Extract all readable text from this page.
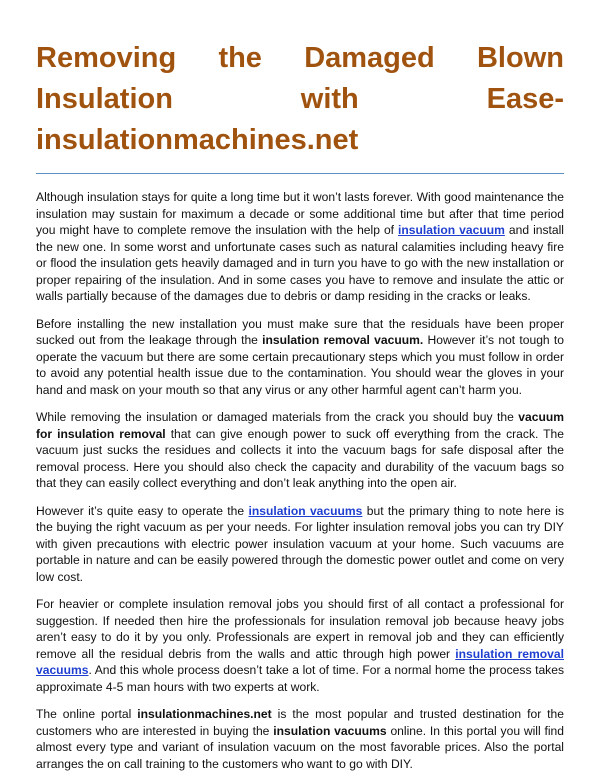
Removing the Damaged Blown
Insulation	with	Ease-
insulationmachines.net

Although insulation stays for quite a long time but it won’t lasts forever. With good maintenance the insulation may sustain for maximum a decade or some additional time but after that time period you might have to complete remove the insulation with the help of insulation vacuum and install the new one. In some worst and unfortunate cases such as natural calamities including heavy fire or flood the insulation gets heavily damaged and in turn you have to go with the new installation or proper repairing of the insulation. And in some cases you have to remove and insulate the attic or walls partially because of the damages due to debris or damp residing in the cracks or leaks.

Before installing the new installation you must make sure that the residuals have been proper sucked out from the leakage through the insulation removal vacuum. However it’s not tough to operate the vacuum but there are some certain precautionary steps which you must follow in order to avoid any potential health issue due to the contamination. You should wear the gloves in your hand and mask on your mouth so that any virus or any other harmful agent can’t harm you.

While removing the insulation or damaged materials from the crack you should buy the vacuum for insulation removal that can give enough power to suck off everything from the crack. The vacuum just sucks the residues and collects it into the vacuum bags for safe disposal after the removal process. Here you should also check the capacity and durability of the vacuum bags so that they can easily collect everything and don’t leak anything into the open air.

However it’s quite easy to operate the insulation vacuums but the primary thing to note here is the buying the right vacuum as per your needs. For lighter insulation removal jobs you can try DIY with given precautions with electric power insulation vacuum at your home. Such vacuums are portable in nature and can be easily powered through the domestic power outlet and come on very low cost.

For heavier or complete insulation removal jobs you should first of all contact a professional for suggestion. If needed then hire the professionals for insulation removal job because heavy jobs aren’t easy to do it by you only. Professionals are expert in removal job and they can efficiently remove all the residual debris from the walls and attic through high power insulation removal vacuums. And this whole process doesn’t take a lot of time. For a normal home the process takes approximate 4-5 man hours with two experts at work.

The online portal insulationmachines.net is the most popular and trusted destination for the customers who are interested in buying the insulation vacuums online. In this portal you will find almost every type and variant of insulation vacuum on the most favorable prices. Also the portal arranges the on call training to the customers who want to go with DIY.
